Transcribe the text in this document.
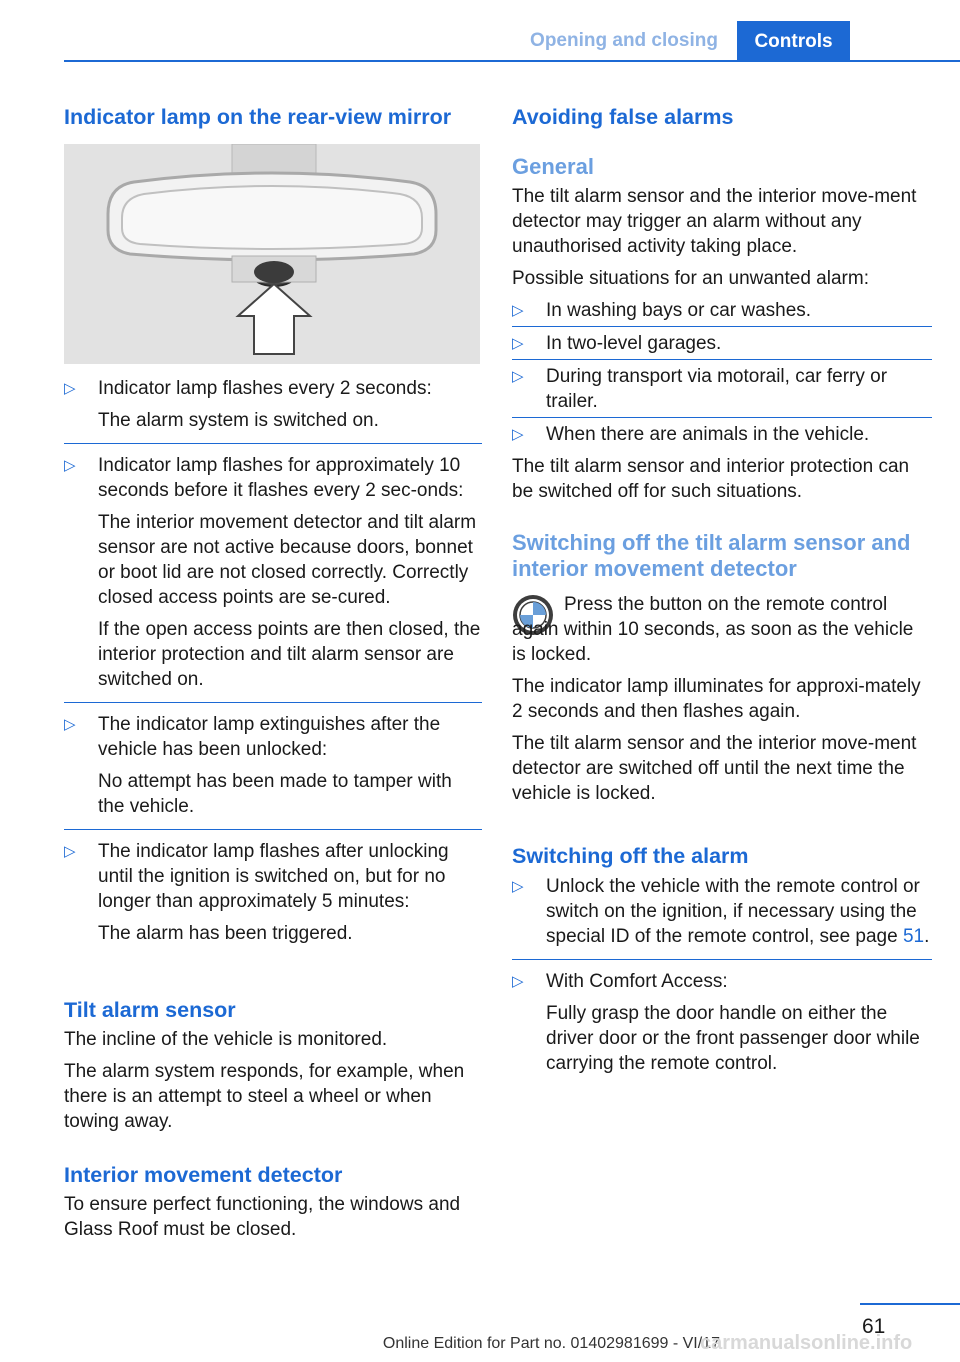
Opening and closing	Controls
Indicator lamp on the rear-view mirror
▷ Indicator lamp flashes every 2 seconds:

The alarm system is switched on.

▷ Indicator lamp flashes for approximately 10 seconds before it flashes every 2 sec‐onds:

The interior movement detector and tilt alarm sensor are not active because doors, bonnet or boot lid are not closed correctly. Correctly closed access points are se‐cured.

If the open access points are then closed, the interior protection and tilt alarm sensor are switched on.

▷ The indicator lamp extinguishes after the vehicle has been unlocked:

No attempt has been made to tamper with the vehicle.

▷ The indicator lamp flashes after unlocking until the ignition is switched on, but for no longer than approximately 5 minutes:

The alarm has been triggered.

Tilt alarm sensor

The incline of the vehicle is monitored.

The alarm system responds, for example, when there is an attempt to steel a wheel or when towing away.

Interior movement detector

To ensure perfect functioning, the windows and Glass Roof must be closed.

Avoiding false alarms
General

The tilt alarm sensor and the interior move‐ment detector may trigger an alarm without any unauthorised activity taking place.

Possible situations for an unwanted alarm:

▷ In washing bays or car washes.

▷ In two-level garages.

▷ During transport via motorail, car ferry or trailer.

▷ When there are animals in the vehicle.

The tilt alarm sensor and interior protection can be switched off for such situations.

Switching off the tilt alarm sensor and interior movement detector

Press the button on the remote control again within 10 seconds, as soon as the vehicle is locked.

The indicator lamp illuminates for approxi‐mately 2 seconds and then flashes again.

The tilt alarm sensor and the interior move‐ment detector are switched off until the next time the vehicle is locked.

Switching off the alarm
▷ Unlock the vehicle with the remote control or switch on the ignition, if necessary using the special ID of the remote control, see page 51.

▷ With Comfort Access:

Fully grasp the door handle on either the driver door or the front passenger door while carrying the remote control.

61
Online Edition for Part no. 01402981699 - VI/17
carmanualsonline.info
